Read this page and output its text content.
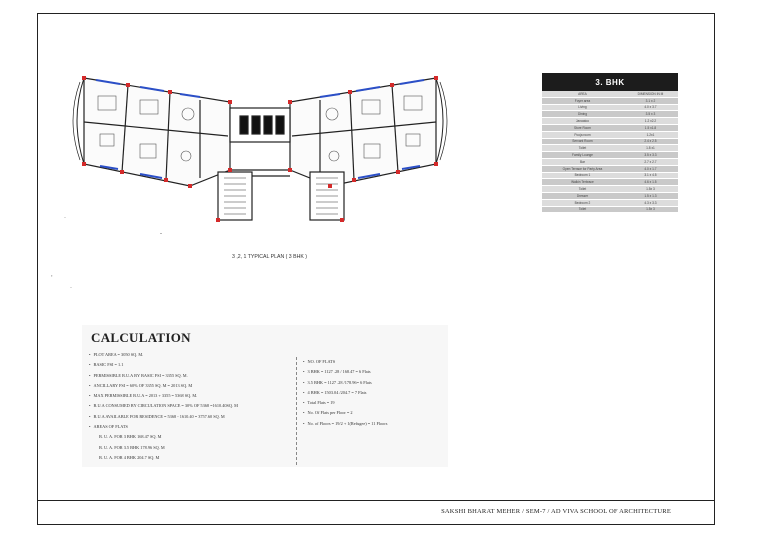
3 ,2, 1 TYPICAL PLAN ( 3 BHK )
·
·
,
-
3. BHK	
AREA	DIMENSION IN M
Foyer area	3.1 x 2
Living	4.0 x 3.7
Dining	3.5 x 3
Janaatoo	1.2 x2.2
Store Room	1.5 x1.8
Pooja room	1.2x1
Servant Room	2.4 x 2.5
Toilet	1.8 x1
Family Lounge	3.5 x 3.3
Bar	2.7 x 2.7
Open Terrace for Party Area	4.0 x 1.7
Bedroom 1	3.1 x 4.5
Walkin Terbrace	4.6 x 1.5
Toilet	1.5x 3
Dresser	1.5 x 1.3
Bedroom 2	4.3 x 3.3
Toilet	1.5x 3
CALCULATION
• PLOT AREA = 3050 SQ. M.
• BASIC FSI = 1.1
• PERMISSIBLE B.U.A BY BASIC FSI = 3355 SQ. M.
• ANCILLARY FSI = 60% OF 3355 SQ. M = 2013 SQ. M
• MAX PERMISSIBLE B.U.A = 2013 + 3355 = 5368 SQ. M.
• B.U.A CONSUMED BY CIRCULATION SPACE = 30% OF 5368 =1610.40SQ. M
• B.U.A AVAILABLE FOR RESIDENCE = 5368 - 1610.40 = 3757.60 SQ. M
• AREAS OF FLATS
B. U. A. FOR 3 BHK 168.47 SQ. M
B. U. A. FOR 3.5 BHK 178.96 SQ. M
B. U. A. FOR 4 BHK 204.7 SQ. M
• NO. OF FLATS
• 3 BHK = 1127 .28 / 168.47 = 6 Flats
• 3.5 BHK = 1127 .28 /178.96= 6 Flats
• 4 BHK = 1503.04 /204.7 = 7 Flats
• Total Flats = 19
• No. Of Flats per Floor = 2
• No. of Floors = 19/2 + 1(Refugee) = 11 Floors
SAKSHI BHARAT MEHER / SEM-7 / AD VIVA SCHOOL OF ARCHITECTURE
